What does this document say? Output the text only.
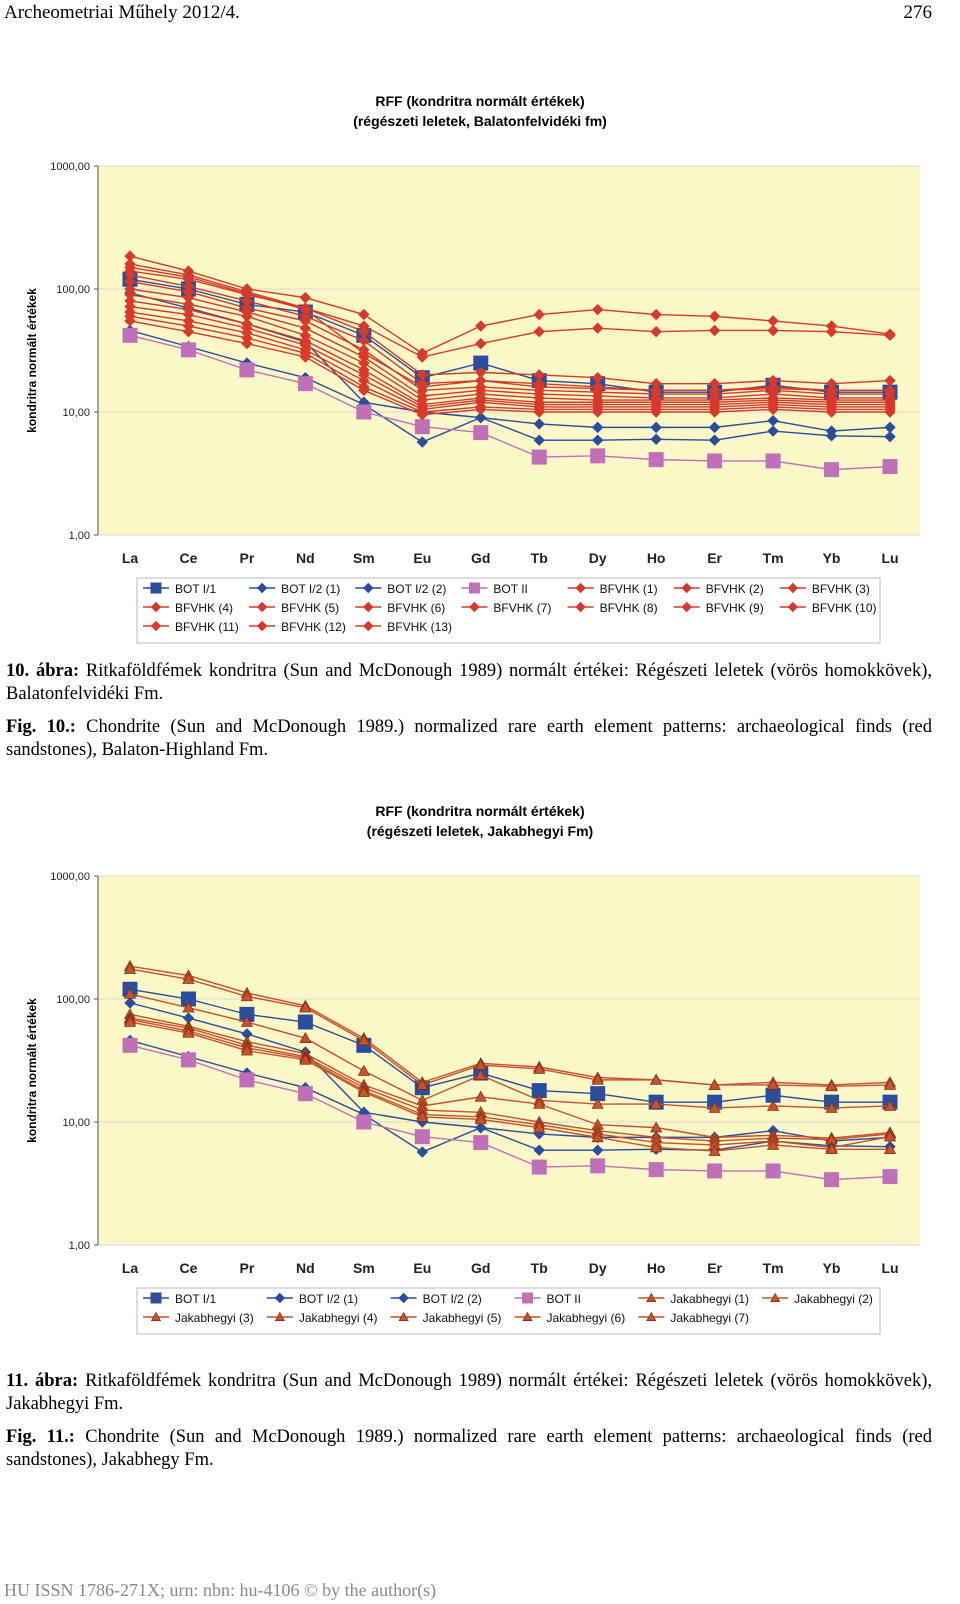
Archeometriai Műhely 2012/4.	276
RFF (kondritra normált értékek)
(régészeti leletek, Balatonfelvidéki fm)
1000,00
100,00
10,00
1,00
kondritra normált értékek
La	Ce	Pr	Nd	Sm	Eu	Gd	Tb	Dy	Ho	Er	Tm	Yb	Lu
BOT I/1	BOT I/2 (1)	BOT I/2 (2)	BOT II	BFVHK (1)	BFVHK (2)	BFVHK (3)
BFVHK (4)	BFVHK (5)	BFVHK (6)	BFVHK (7)	BFVHK (8)	BFVHK (9)	BFVHK (10)
BFVHK (11)	BFVHK (12)	BFVHK (13)

10. ábra: Ritkaföldfémek kondritra (Sun and McDonough 1989) normált értékei: Régészeti leletek (vörös homokkövek), Balatonfelvidéki Fm.

Fig. 10.: Chondrite (Sun and McDonough 1989.) normalized rare earth element patterns: archaeological finds (red sandstones), Balaton-Highland Fm.

RFF (kondritra normált értékek)
(régészeti leletek, Jakabhegyi Fm)
1000,00
100,00
10,00
1,00
kondritra normált értékek
La	Ce	Pr	Nd	Sm	Eu	Gd	Tb	Dy	Ho	Er	Tm	Yb	Lu
BOT I/1	BOT I/2 (1)	BOT I/2 (2)	BOT II	Jakabhegyi (1)	Jakabhegyi (2)
Jakabhegyi (3)	Jakabhegyi (4)	Jakabhegyi (5)	Jakabhegyi (6)	Jakabhegyi (7)

11. ábra: Ritkaföldfémek kondritra (Sun and McDonough 1989) normált értékei: Régészeti leletek (vörös homokkövek), Jakabhegyi Fm.

Fig. 11.: Chondrite (Sun and McDonough 1989.) normalized rare earth element patterns: archaeological finds (red sandstones), Jakabhegy Fm.

HU ISSN 1786-271X; urn: nbn: hu-4106 © by the author(s)
